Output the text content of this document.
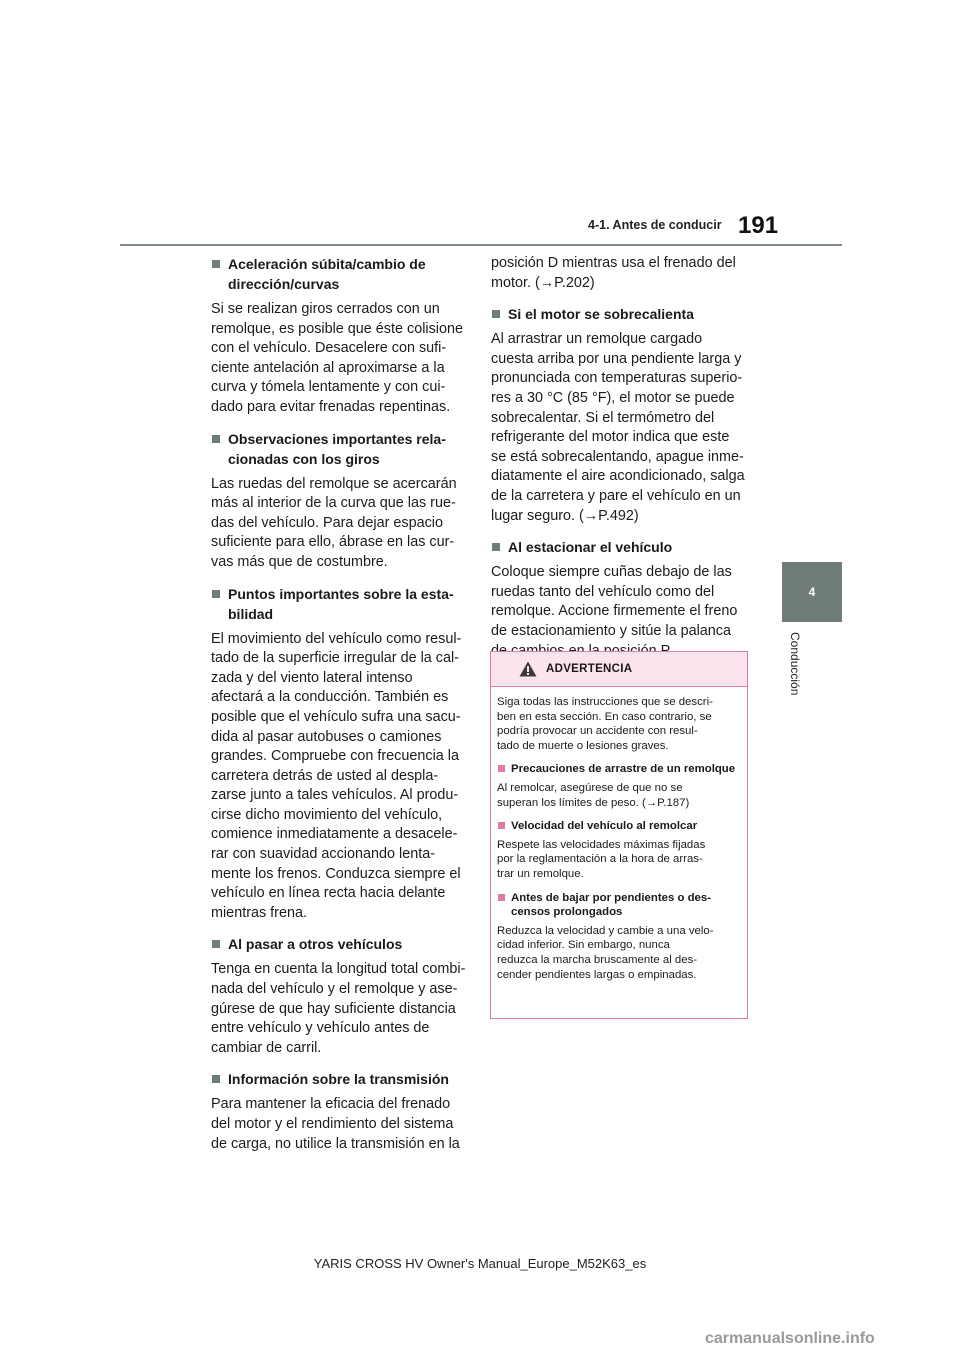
4-1. Antes de conducir 191
4
Conducción
Aceleración súbita/cambio de dirección/curvas
Si se realizan giros cerrados con un
remolque, es posible que éste colisione
con el vehículo. Desacelere con sufi-
ciente antelación al aproximarse a la
curva y tómela lentamente y con cui-
dado para evitar frenadas repentinas.
Observaciones importantes rela- cionadas con los giros
Las ruedas del remolque se acercarán
más al interior de la curva que las rue-
das del vehículo. Para dejar espacio
suficiente para ello, ábrase en las cur-
vas más que de costumbre.
Puntos importantes sobre la esta- bilidad
El movimiento del vehículo como resul-
tado de la superficie irregular de la cal-
zada y del viento lateral intenso
afectará a la conducción. También es
posible que el vehículo sufra una sacu-
dida al pasar autobuses o camiones
grandes. Compruebe con frecuencia la
carretera detrás de usted al despla-
zarse junto a tales vehículos. Al produ-
cirse dicho movimiento del vehículo,
comience inmediatamente a desacele-
rar con suavidad accionando lenta-
mente los frenos. Conduzca siempre el
vehículo en línea recta hacia delante
mientras frena.
Al pasar a otros vehículos
Tenga en cuenta la longitud total combi-
nada del vehículo y el remolque y ase-
gúrese de que hay suficiente distancia
entre vehículo y vehículo antes de
cambiar de carril.
Información sobre la transmisión
Para mantener la eficacia del frenado
del motor y el rendimiento del sistema
de carga, no utilice la transmisión en la
posición D mientras usa el frenado del
motor. (→P.202)
Si el motor se sobrecalienta
Al arrastrar un remolque cargado
cuesta arriba por una pendiente larga y
pronunciada con temperaturas superio-
res a 30 °C (85 °F), el motor se puede
sobrecalentar. Si el termómetro del
refrigerante del motor indica que este
se está sobrecalentando, apague inme-
diatamente el aire acondicionado, salga
de la carretera y pare el vehículo en un
lugar seguro. (→P.492)
Al estacionar el vehículo
Coloque siempre cuñas debajo de las
ruedas tanto del vehículo como del
remolque. Accione firmemente el freno
de estacionamiento y sitúe la palanca
ADVERTENCIA
Siga todas las instrucciones que se descri-
ben en esta sección. En caso contrario, se
podría provocar un accidente con resul-
tado de muerte o lesiones graves.
Precauciones de arrastre de un remolque
Al remolcar, asegúrese de que no se
superan los límites de peso. (→P.187)
Velocidad del vehículo al remolcar
Respete las velocidades máximas fijadas
por la reglamentación a la hora de arras-
trar un remolque.
Antes de bajar por pendientes o des- censos prolongados
Reduzca la velocidad y cambie a una velo-
cidad inferior. Sin embargo, nunca
reduzca la marcha bruscamente al des-
cender pendientes largas o empinadas.
YARIS CROSS HV Owner's Manual_Europe_M52K63_es
carmanualsonline.info
